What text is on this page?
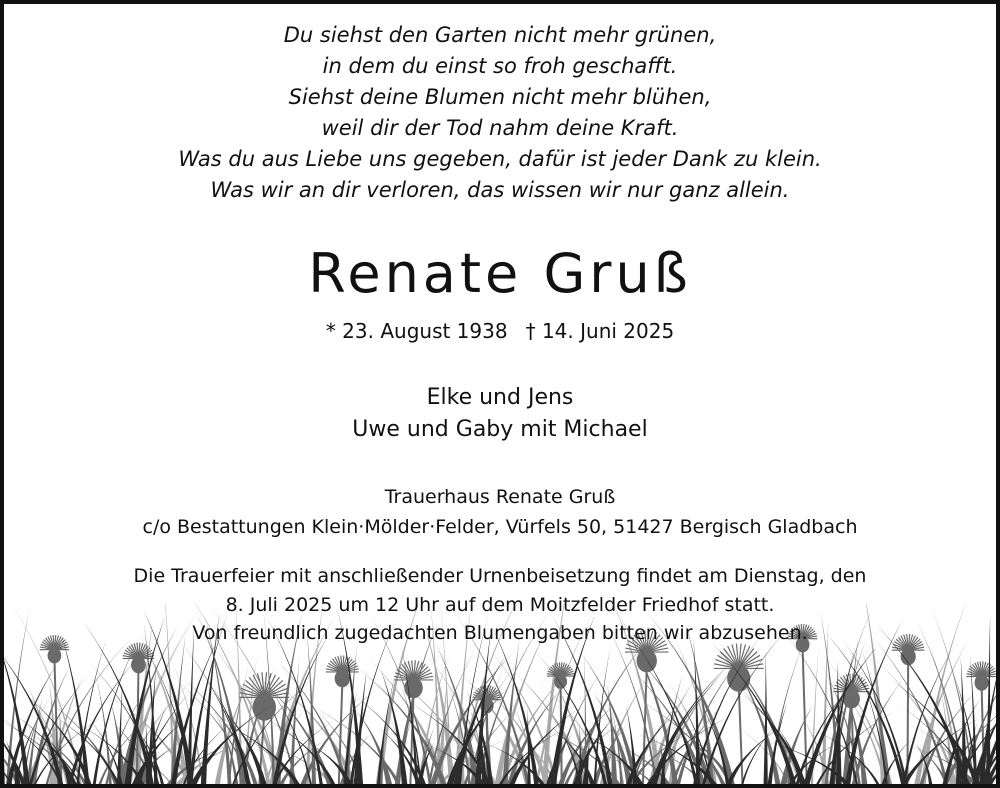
Du siehst den Garten nicht mehr grünen,
in dem du einst so froh geschafft.
Siehst deine Blumen nicht mehr blühen,
weil dir der Tod nahm deine Kraft.
Was du aus Liebe uns gegeben, dafür ist jeder Dank zu klein.
Was wir an dir verloren, das wissen wir nur ganz allein.
Renate Gruß
* 23. August 1938 † 14. Juni 2025
Elke und Jens
Uwe und Gaby mit Michael
Trauerhaus Renate Gruß
c/o Bestattungen Klein·Mölder·Felder, Vürfels 50, 51427 Bergisch Gladbach
Die Trauerfeier mit anschließender Urnenbeisetzung findet am Dienstag, den
8. Juli 2025 um 12 Uhr auf dem Moitzfelder Friedhof statt.
Von freundlich zugedachten Blumengaben bitten wir abzusehen.
